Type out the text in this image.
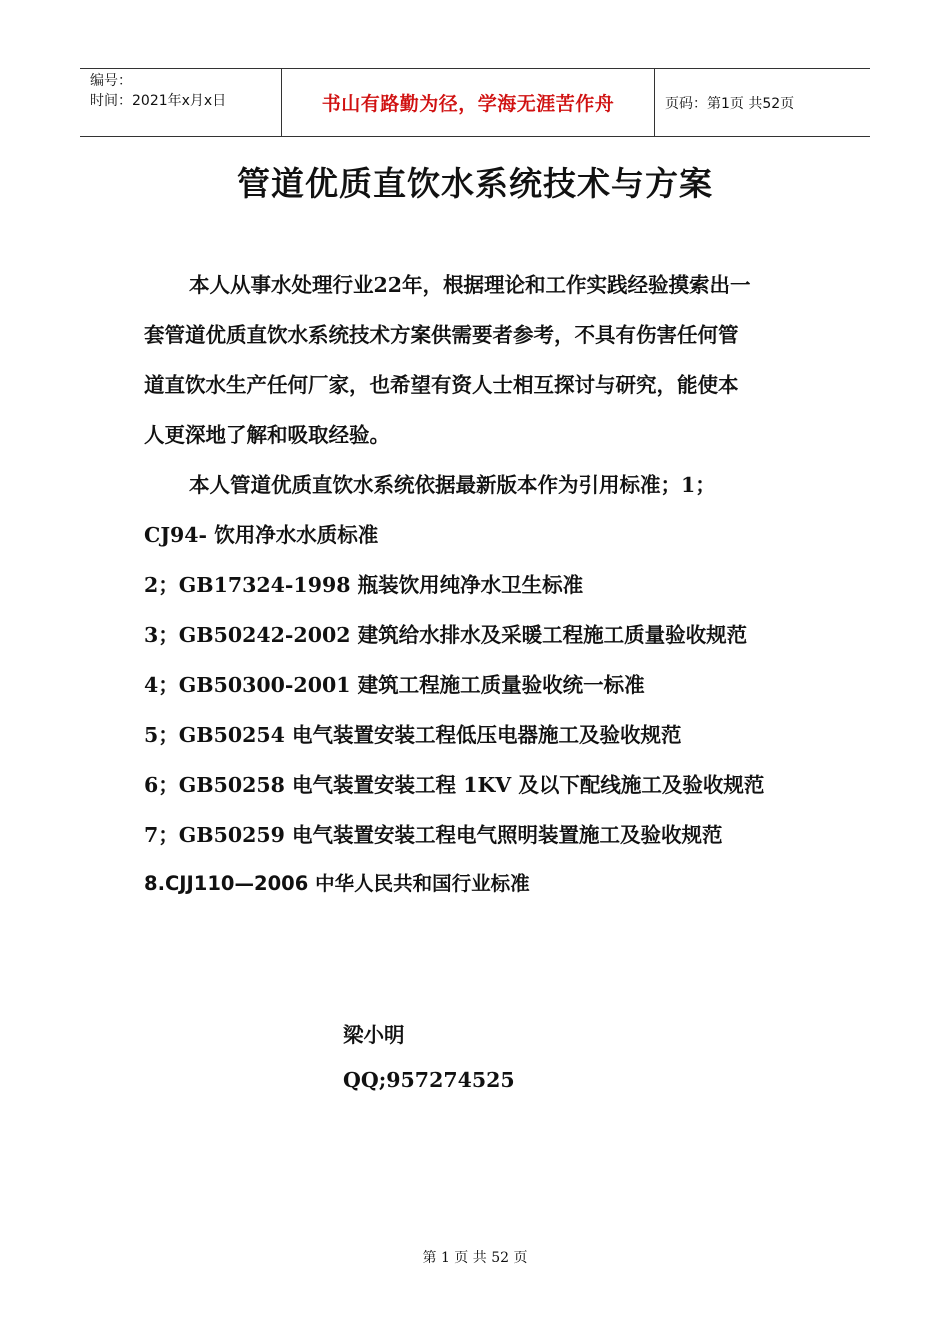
编号：
时间：2021年x月x日	书山有路勤为径，学海无涯苦作舟	页码：第1页 共52页
管道优质直饮水系统技术与方案
本人从事水处理行业22年，根据理论和工作实践经验摸索出一
套管道优质直饮水系统技术方案供需要者参考，不具有伤害任何管
道直饮水生产任何厂家，也希望有资人士相互探讨与研究，能使本
人更深地了解和吸取经验。
本人管道优质直饮水系统依据最新版本作为引用标准；1；
CJ94- 饮用净水水质标准
2；GB17324-1998 瓶装饮用纯净水卫生标准
3；GB50242-2002 建筑给水排水及采暖工程施工质量验收规范
4；GB50300-2001 建筑工程施工质量验收统一标准
5；GB50254 电气装置安装工程低压电器施工及验收规范
6；GB50258 电气装置安装工程 1KV 及以下配线施工及验收规范
7；GB50259 电气装置安装工程电气照明装置施工及验收规范
8.CJJ110—2006 中华人民共和国行业标准
梁小明
QQ;957274525
第 1 页 共 52 页
